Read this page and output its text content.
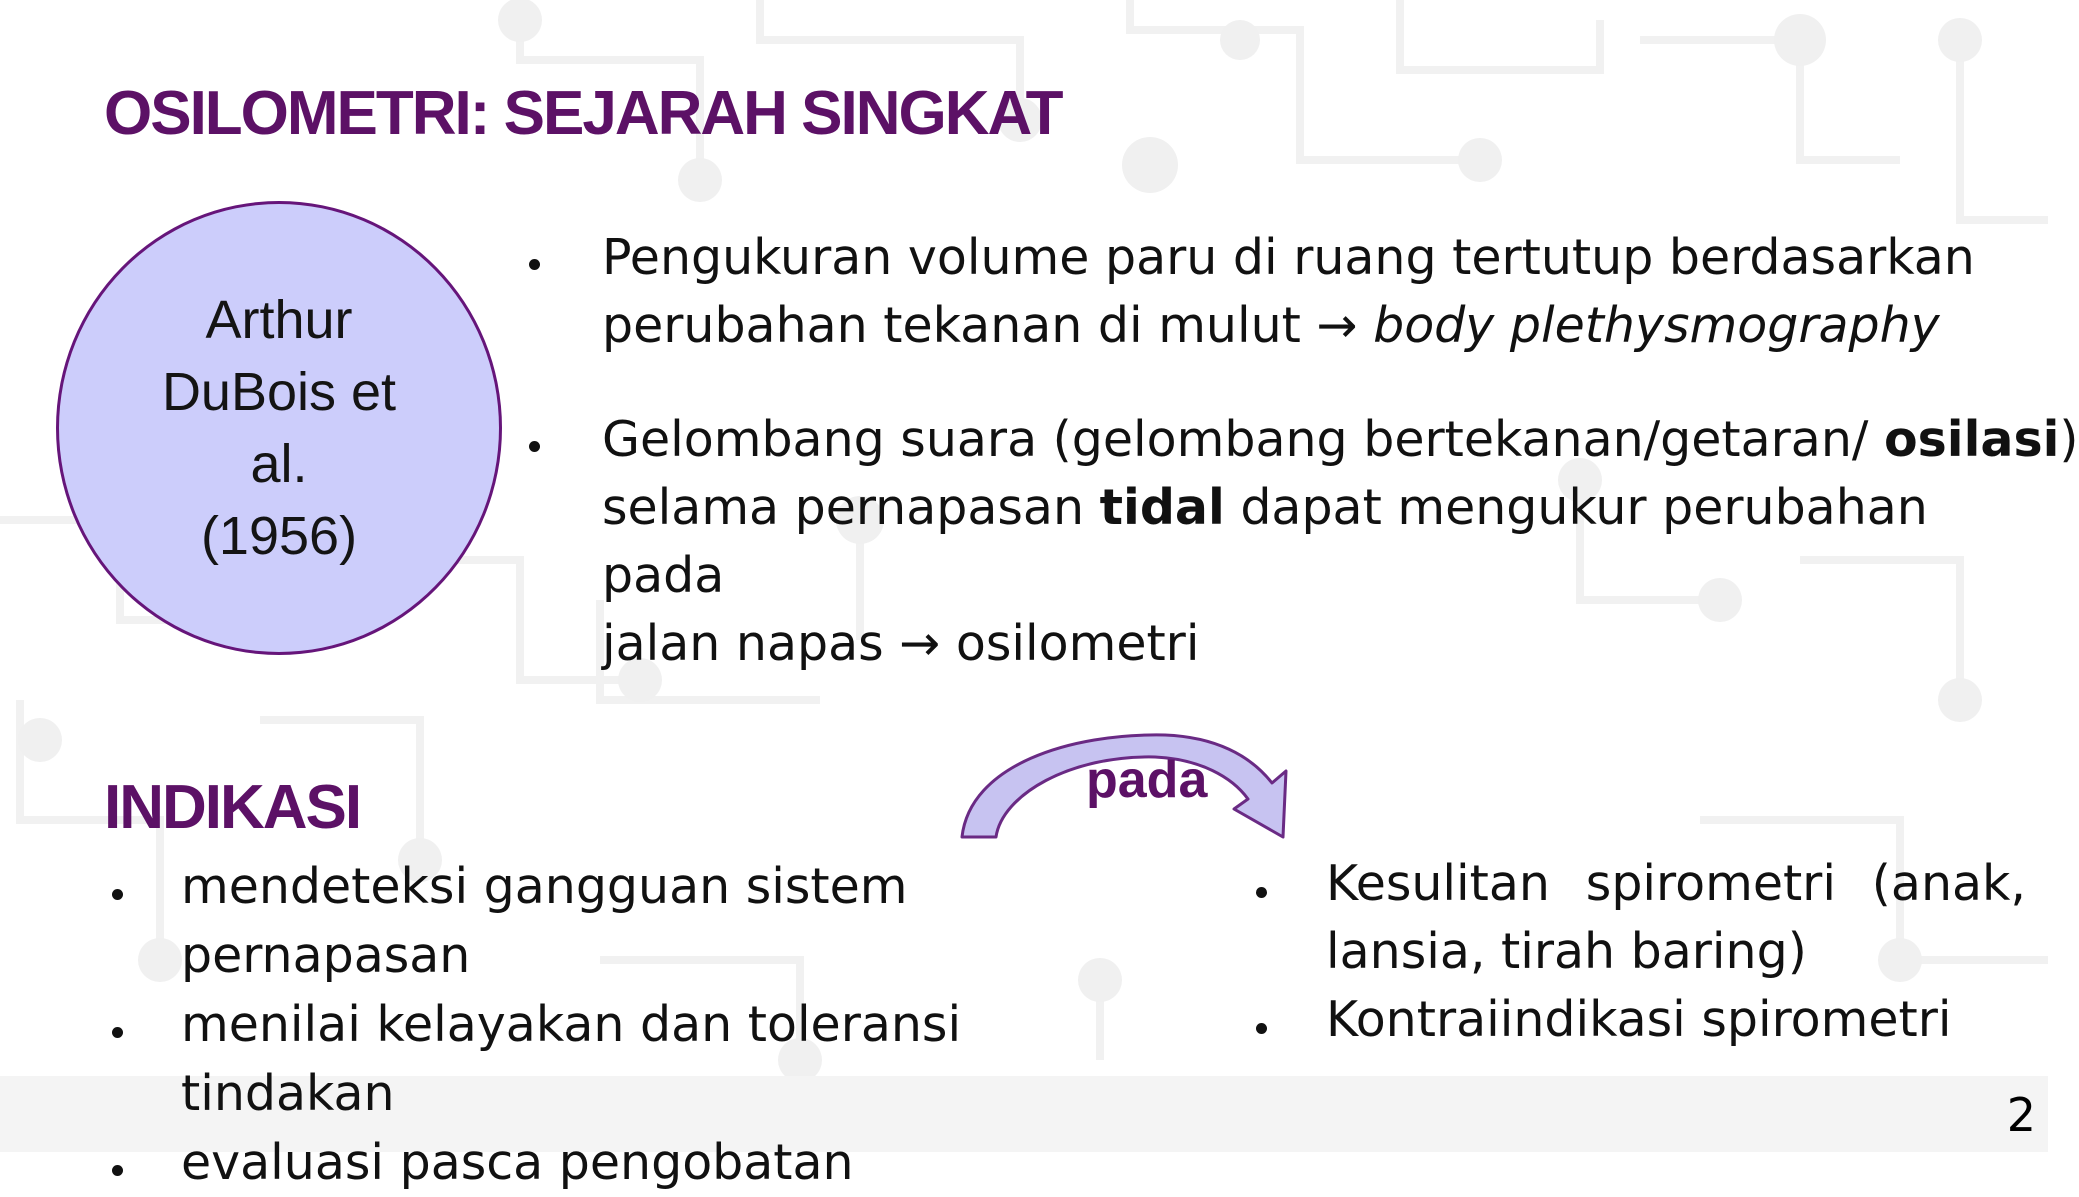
OSILOMETRI: SEJARAH SINGKAT
Arthur
DuBois et
al.
(1956)
Pengukuran volume paru di ruang tertutup berdasarkan
perubahan tekanan di mulut → body plethysmography
Gelombang suara (gelombang bertekanan/getaran/ osilasi)
selama pernapasan tidal dapat mengukur perubahan pada
jalan napas → osilometri
INDIKASI	pada
mendeteksi gangguan sistem pernapasan
menilai kelayakan dan toleransi tindakan
evaluasi pasca pengobatan
Kesulitan spirometri (anak,
lansia, tirah baring)
Kontraiindikasi spirometri
2
